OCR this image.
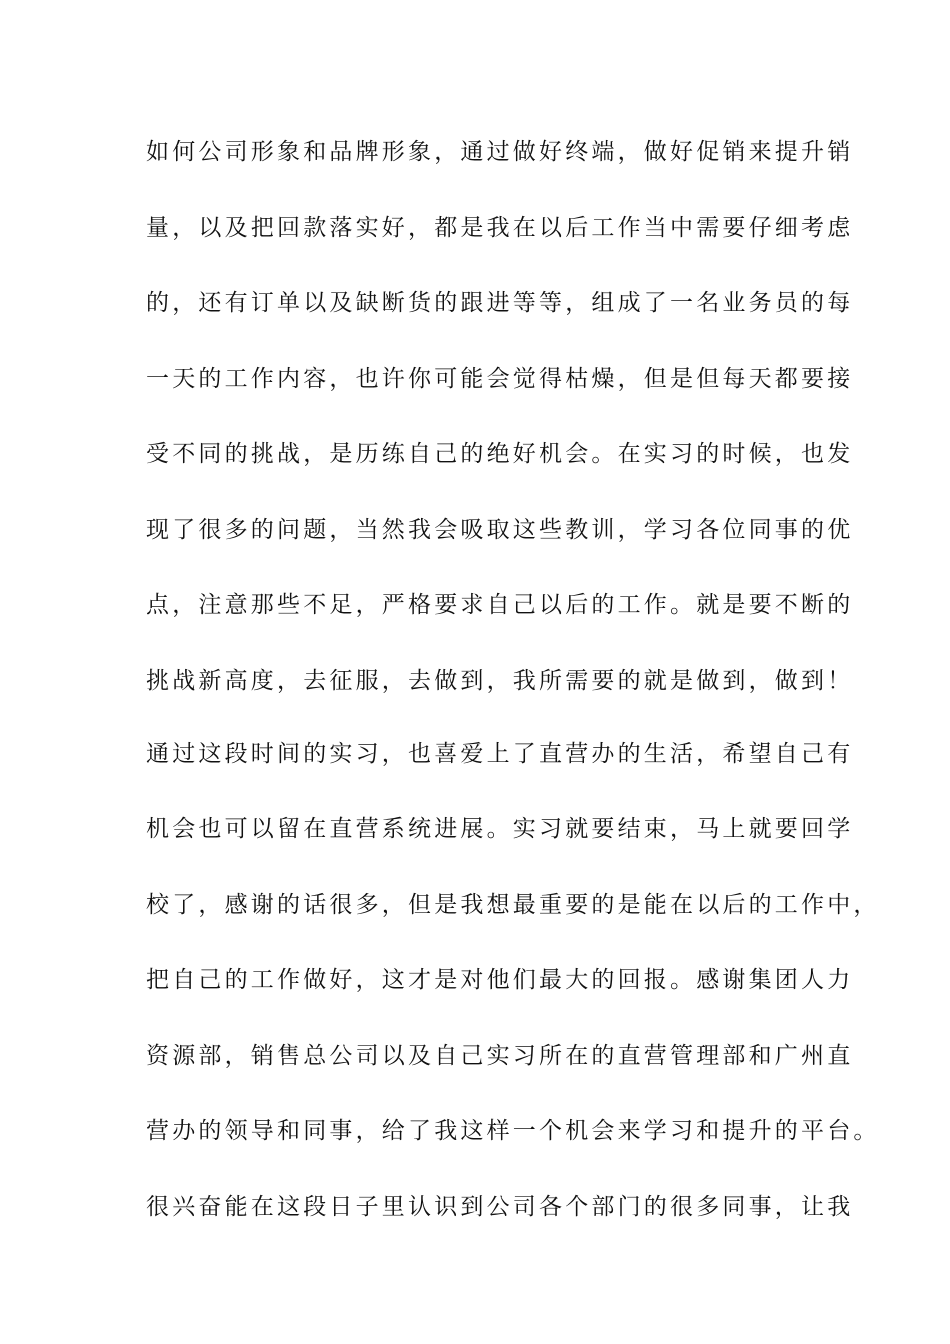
如何公司形象和品牌形象，通过做好终端，做好促销来提升销
量，以及把回款落实好，都是我在以后工作当中需要仔细考虑
的，还有订单以及缺断货的跟进等等，组成了一名业务员的每
一天的工作内容，也许你可能会觉得枯燥，但是但每天都要接
受不同的挑战，是历练自己的绝好机会。在实习的时候，也发
现了很多的问题，当然我会吸取这些教训，学习各位同事的优
点，注意那些不足，严格要求自己以后的工作。就是要不断的
挑战新高度，去征服，去做到，我所需要的就是做到，做到！
通过这段时间的实习，也喜爱上了直营办的生活，希望自己有
机会也可以留在直营系统进展。实习就要结束，马上就要回学
校了，感谢的话很多，但是我想最重要的是能在以后的工作中，
把自己的工作做好，这才是对他们最大的回报。感谢集团人力
资源部，销售总公司以及自己实习所在的直营管理部和广州直
营办的领导和同事，给了我这样一个机会来学习和提升的平台。
很兴奋能在这段日子里认识到公司各个部门的很多同事，让我
